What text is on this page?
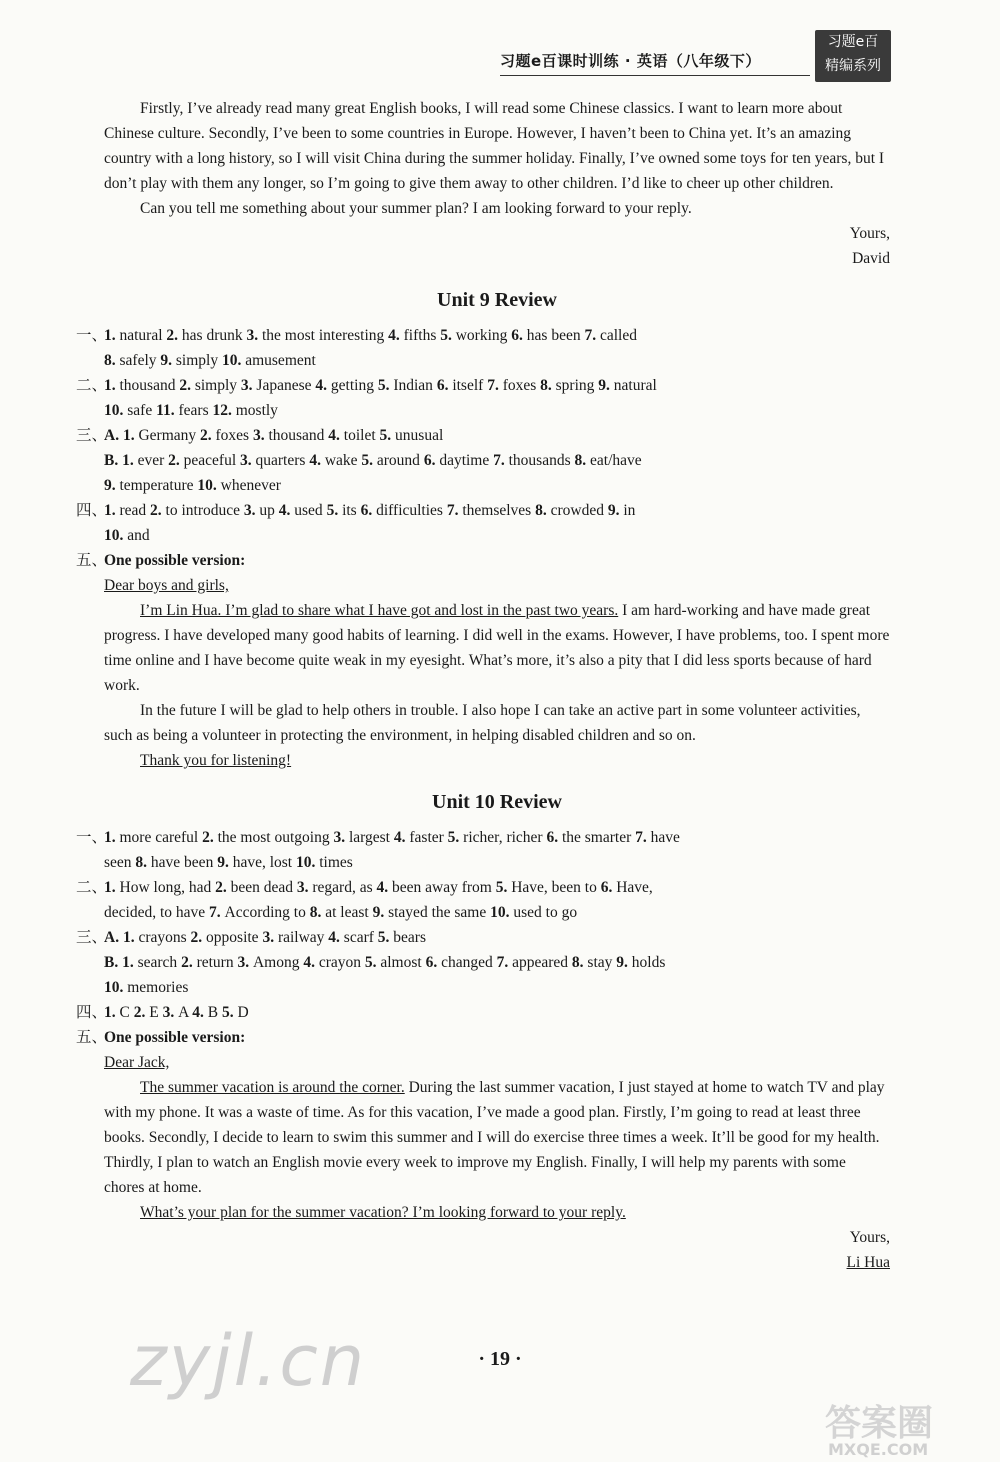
习题e百课时训练 · 英语（八年级下）
习题e百
精编系列

Firstly, I’ve already read many great English books, I will read some Chinese classics. I want to learn more about Chinese culture. Secondly, I’ve been to some countries in Europe. However, I haven’t been to China yet. It’s an amazing country with a long history, so I will visit China during the summer holiday. Finally, I’ve owned some toys for ten years, but I don’t play with them any longer, so I’m going to give them away to other children. I’d like to cheer up other children.

Can you tell me something about your summer plan? I am looking forward to your reply.

Yours,

David

Unit 9 Review
一、
1. natural 2. has drunk 3. the most interesting 4. fifths 5. working 6. has been 7. called
8. safely 9. simply 10. amusement
二、
1. thousand 2. simply 3. Japanese 4. getting 5. Indian 6. itself 7. foxes 8. spring 9. natural
10. safe 11. fears 12. mostly
三、
A. 1. Germany 2. foxes 3. thousand 4. toilet 5. unusual
B. 1. ever 2. peaceful 3. quarters 4. wake 5. around 6. daytime 7. thousands 8. eat/have
9. temperature 10. whenever
四、
1. read 2. to introduce 3. up 4. used 5. its 6. difficulties 7. themselves 8. crowded 9. in
10. and
五、

One possible version:

Dear boys and girls,

I’m Lin Hua. I’m glad to share what I have got and lost in the past two years. I am hard-working and have made great progress. I have developed many good habits of learning. I did well in the exams. However, I have problems, too. I spent more time online and I have become quite weak in my eyesight. What’s more, it’s also a pity that I did less sports because of hard work.

In the future I will be glad to help others in trouble. I also hope I can take an active part in some volunteer activities, such as being a volunteer in protecting the environment, in helping disabled children and so on.

Thank you for listening!

Unit 10 Review
一、
1. more careful 2. the most outgoing 3. largest 4. faster 5. richer, richer 6. the smarter 7. have
seen 8. have been 9. have, lost 10. times
二、
1. How long, had 2. been dead 3. regard, as 4. been away from 5. Have, been to 6. Have,
decided, to have 7. According to 8. at least 9. stayed the same 10. used to go
三、
A. 1. crayons 2. opposite 3. railway 4. scarf 5. bears
B. 1. search 2. return 3. Among 4. crayon 5. almost 6. changed 7. appeared 8. stay 9. holds
10. memories
四、
1. C 2. E 3. A 4. B 5. D
五、

One possible version:

Dear Jack,

The summer vacation is around the corner. During the last summer vacation, I just stayed at home to watch TV and play with my phone. It was a waste of time. As for this vacation, I’ve made a good plan. Firstly, I’m going to read at least three books. Secondly, I decide to learn to swim this summer and I will do exercise three times a week. It’ll be good for my health. Thirdly, I plan to watch an English movie every week to improve my English. Finally, I will help my parents with some chores at home.

What’s your plan for the summer vacation? I’m looking forward to your reply.

Yours,

Li Hua

· 19 ·
zyjl.cn
答案圈
MXQE.COM
